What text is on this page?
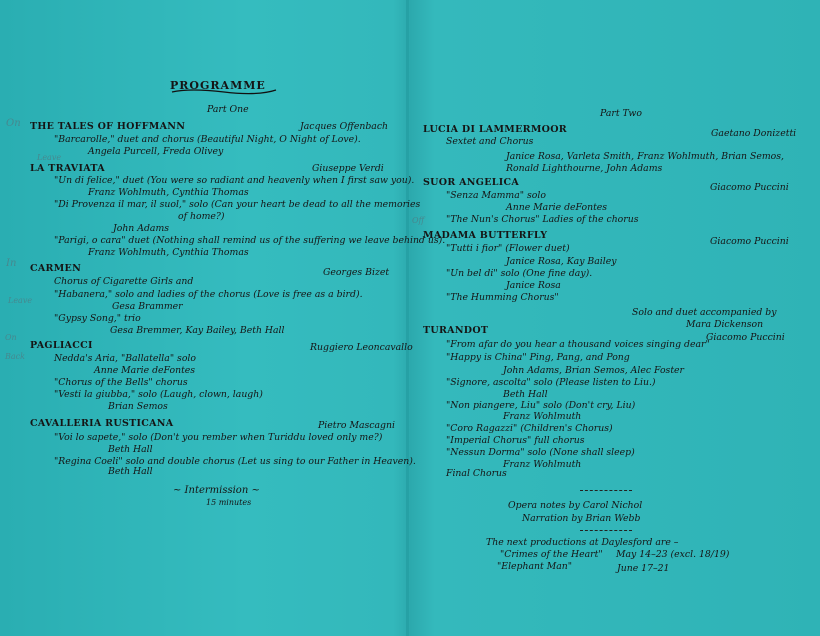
PROGRAMME
Part One
On
Leave
In
Leave
On
Back
Off
THE TALES OF HOFFMANN	Jacques Offenbach
"Barcarolle," duet and chorus (Beautiful Night, O Night of Love).
Angela Purcell, Freda Olivey
LA TRAVIATA	Giuseppe Verdi
"Un di felice," duet (You were so radiant and heavenly when I first saw you).
Franz Wohlmuth, Cynthia Thomas
"Di Provenza il mar, il suol," solo (Can your heart be dead to all the memories
of home?)
John Adams
"Parigi, o cara" duet (Nothing shall remind us of the suffering we leave behind us).
Franz Wohlmuth, Cynthia Thomas
CARMEN	Georges Bizet
Chorus of Cigarette Girls and
"Habanera," solo and ladies of the chorus (Love is free as a bird).
Gesa Brammer
"Gypsy Song," trio
Gesa Bremmer, Kay Bailey, Beth Hall
PAGLIACCI	Ruggiero Leoncavallo
Nedda's Aria, "Ballatella" solo
Anne Marie deFontes
"Chorus of the Bells" chorus
"Vesti la giubba," solo (Laugh, clown, laugh)
Brian Semos
CAVALLERIA RUSTICANA	Pietro Mascagni
"Voi lo sapete," solo (Don't you rember when Turiddu loved only me?)
Beth Hall
"Regina Coeli" solo and double chorus (Let us sing to our Father in Heaven).
Beth Hall
~ Intermission ~
15 minutes
Part Two
LUCIA DI LAMMERMOOR	Gaetano Donizetti
Sextet and Chorus
Janice Rosa, Varleta Smith, Franz Wohlmuth, Brian Semos,
Ronald Lighthourne, John Adams
SUOR ANGELICA	Giacomo Puccini
"Senza Mamma" solo
Anne Marie deFontes
"The Nun's Chorus" Ladies of the chorus
MADAMA BUTTERFLY
Giacomo Puccini
"Tutti i fior" (Flower duet)
Janice Rosa, Kay Bailey
"Un bel di" solo (One fine day).
Janice Rosa
"The Humming Chorus"
Solo and duet accompanied by
Mara Dickenson
TURANDOT
Giacomo Puccini
"From afar do you hear a thousand voices singing dear"
"Happy is China" Ping, Pang, and Pong
John Adams, Brian Semos, Alec Foster
"Signore, ascolta" solo (Please listen to Liu.)
Beth Hall
"Non piangere, Liu" solo (Don't cry, Liu)
Franz Wohlmuth
"Coro Ragazzi" (Children's Chorus)
"Imperial Chorus" full chorus
"Nessun Dorma" solo (None shall sleep)
Franz Wohlmuth
Final Chorus
Opera notes by Carol Nichol
Narration by Brian Webb
The next productions at Daylesford are –
"Crimes of the Heart" May 14–23 (excl. 18/19)
"Elephant Man"	June 17–21
